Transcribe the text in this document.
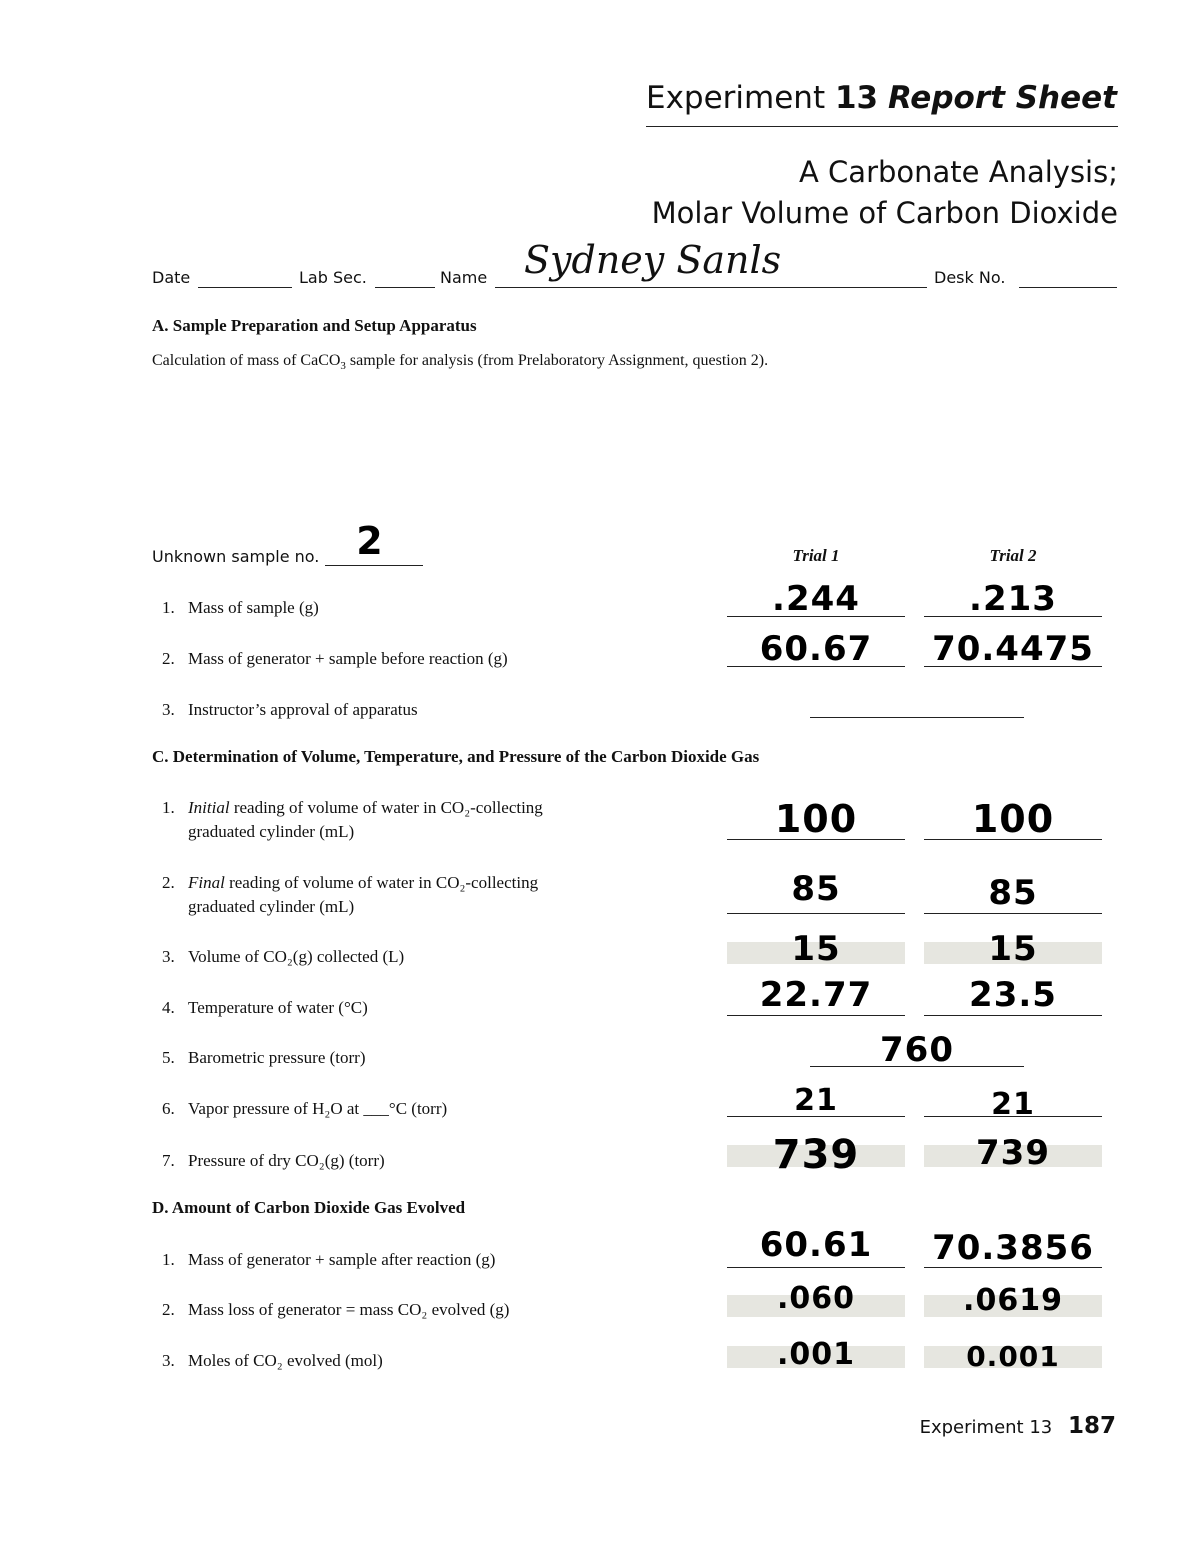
Experiment 13 Report Sheet
A Carbonate Analysis;
Molar Volume of Carbon Dioxide
Date	Lab Sec.	Name Sydney Sanls	Desk No.
A. Sample Preparation and Setup Apparatus
Calculation of mass of CaCO$_3$ sample for analysis (from Prelaboratory Assignment, question 2).
Unknown sample no. 2	Trial 1	Trial 2
1. Mass of sample (g)	.244	.213
2. Mass of generator + sample before reaction (g)	60.67	70.4475
3. Instructor’s approval of apparatus
C. Determination of Volume, Temperature, and Pressure of the Carbon Dioxide Gas
1. Initial reading of volume of water in CO₂-collecting
graduated cylinder (mL)	100	100
2. Final reading of volume of water in CO₂-collecting
graduated cylinder (mL)	85	85
3. Volume of CO₂(g) collected (L)	15	15
4. Temperature of water (°C)	22.77	23.5
5. Barometric pressure (torr)	760
6. Vapor pressure of H₂O at ___°C (torr)	21	21
7. Pressure of dry CO₂(g) (torr)	739	739
D. Amount of Carbon Dioxide Gas Evolved
1. Mass of generator + sample after reaction (g)	60.61	70.3856
2. Mass loss of generator = mass CO₂ evolved (g)	.060	.0619
3. Moles of CO₂ evolved (mol)	.001	0.001
Experiment 13 187
